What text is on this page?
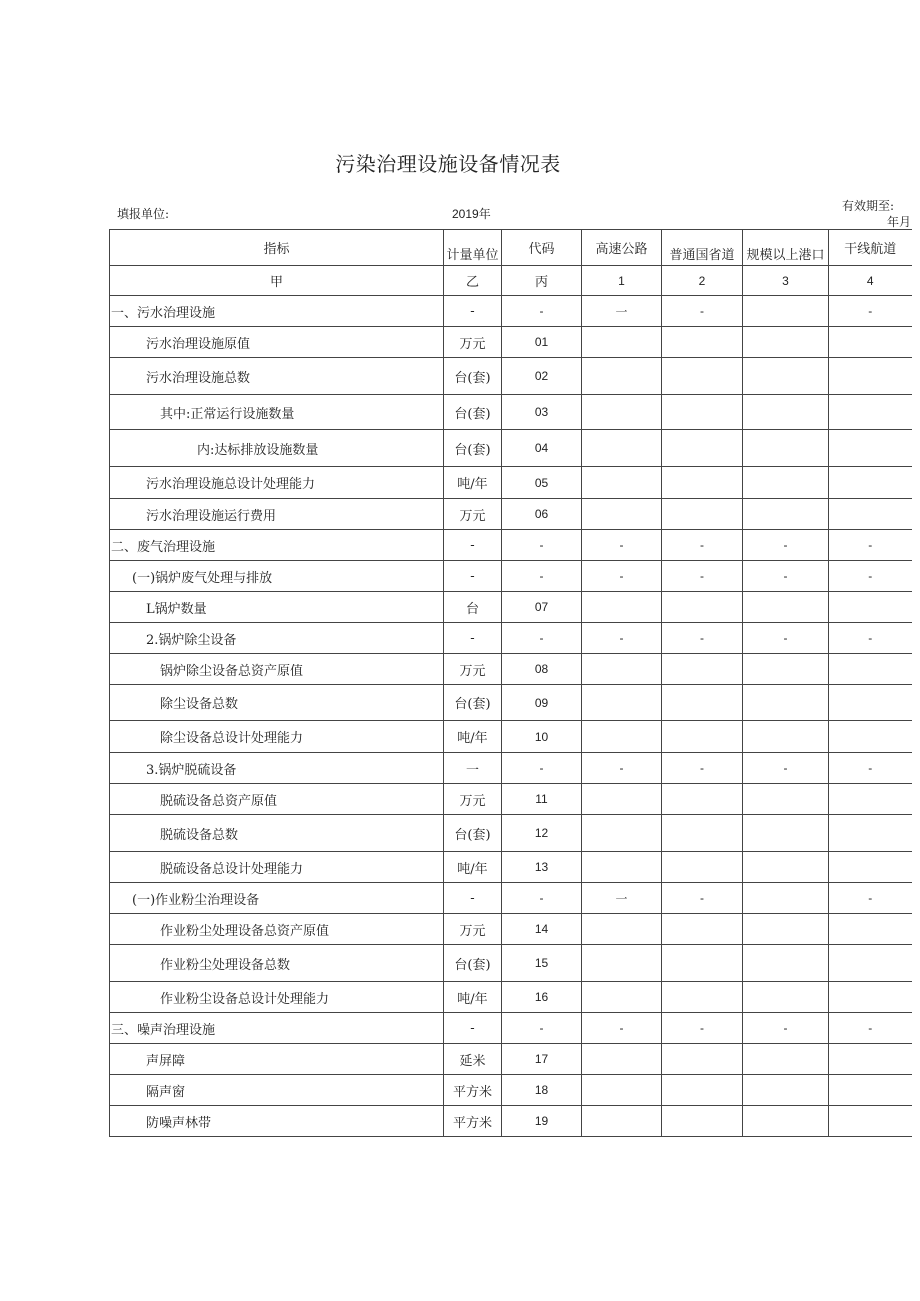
污染治理设施设备情况表
填报单位:	2019年
有效期至:
年月
指标	计量单位	代码	高速公路	普通国省道	规模以上港口	干线航道
甲	乙	丙	1	2	3	4
一、污水治理设施	-	-	一	-		-
污水治理设施原值	万元	01				
污水治理设施总数	台(套)	02				
其中:正常运行设施数量	台(套)	03				
内:达标排放设施数量	台(套)	04				
污水治理设施总设计处理能力	吨/年	05				
污水治理设施运行费用	万元	06				
二、废气治理设施	-	-	-	-	-	-
(一)锅炉废气处理与排放	-	-	-	-	-	-
L锅炉数量	台	07				
2.锅炉除尘设备	-	-	-	-	-	-
锅炉除尘设备总资产原值	万元	08				
除尘设备总数	台(套)	09				
除尘设备总设计处理能力	吨/年	10				
3.锅炉脱硫设备	一	-	-	-	-	-
脱硫设备总资产原值	万元	11				
脱硫设备总数	台(套)	12				
脱硫设备总设计处理能力	吨/年	13				
(一)作业粉尘治理设备	-	-	一	-		-
作业粉尘处理设备总资产原值	万元	14				
作业粉尘处理设备总数	台(套)	15				
作业粉尘设备总设计处理能力	吨/年	16				
三、噪声治理设施	-	-	-	-	-	-
声屏障	延米	17				
隔声窗	平方米	18				
防噪声林带	平方米	19				
